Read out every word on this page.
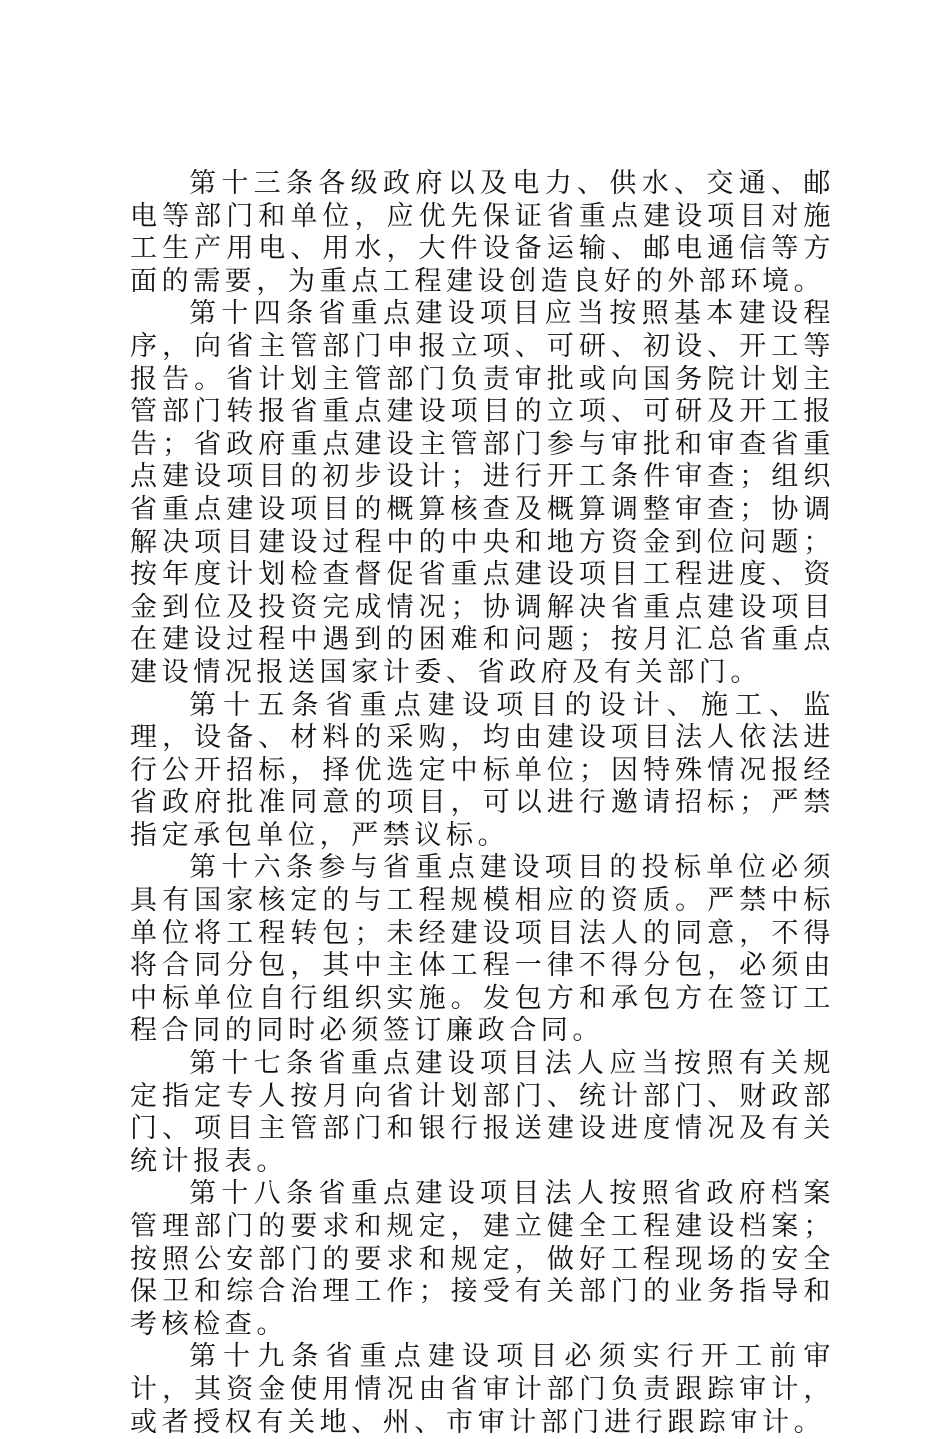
第十三条各级政府以及电力、供水、交通、邮电等部门和单位，应优先保证省重点建设项目对施工生产用电、用水，大件设备运输、邮电通信等方面的需要，为重点工程建设创造良好的外部环境。

第十四条省重点建设项目应当按照基本建设程序，向省主管部门申报立项、可研、初设、开工等报告。省计划主管部门负责审批或向国务院计划主管部门转报省重点建设项目的立项、可研及开工报告；省政府重点建设主管部门参与审批和审查省重点建设项目的初步设计；进行开工条件审查；组织省重点建设项目的概算核查及概算调整审查；协调解决项目建设过程中的中央和地方资金到位问题；按年度计划检查督促省重点建设项目工程进度、资金到位及投资完成情况；协调解决省重点建设项目在建设过程中遇到的困难和问题；按月汇总省重点建设情况报送国家计委、省政府及有关部门。

第十五条省重点建设项目的设计、施工、监理，设备、材料的采购，均由建设项目法人依法进行公开招标，择优选定中标单位；因特殊情况报经省政府批准同意的项目，可以进行邀请招标；严禁指定承包单位，严禁议标。

第十六条参与省重点建设项目的投标单位必须具有国家核定的与工程规模相应的资质。严禁中标单位将工程转包；未经建设项目法人的同意，不得将合同分包，其中主体工程一律不得分包，必须由中标单位自行组织实施。发包方和承包方在签订工程合同的同时必须签订廉政合同。

第十七条省重点建设项目法人应当按照有关规定指定专人按月向省计划部门、统计部门、财政部门、项目主管部门和银行报送建设进度情况及有关统计报表。

第十八条省重点建设项目法人按照省政府档案管理部门的要求和规定，建立健全工程建设档案；按照公安部门的要求和规定，做好工程现场的安全保卫和综合治理工作；接受有关部门的业务指导和考核检查。

第十九条省重点建设项目必须实行开工前审计，其资金使用情况由省审计部门负责跟踪审计，或者授权有关地、州、市审计部门进行跟踪审计。
